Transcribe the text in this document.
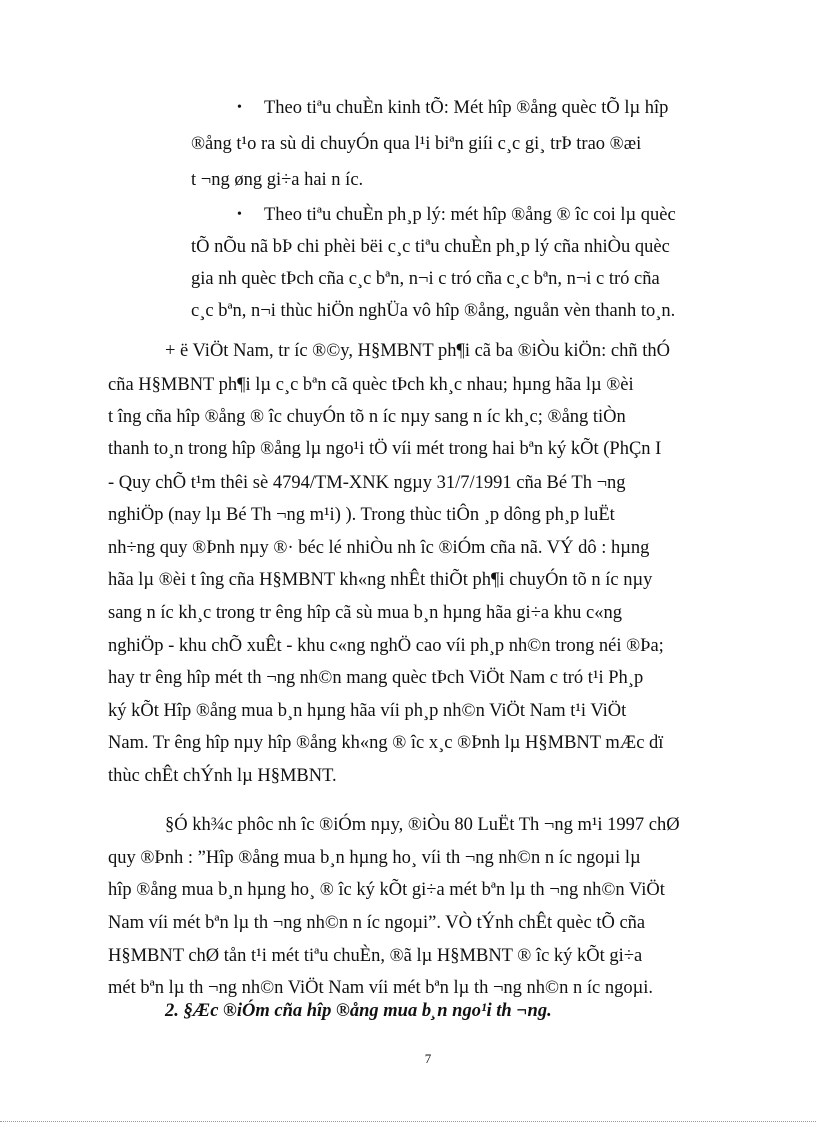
• Theo tiªu chuÈn kinh tÕ: Mét hîp ®ång quèc tÕ lµ hîp
®ång t¹o ra sù di chuyÓn qua l¹i biªn giíi c¸c gi¸ trÞ trao ®æi
t ¬ng øng gi÷a hai n íc.
• Theo tiªu chuÈn ph¸p lý: mét hîp ®ång ® îc coi lµ quèc
tÕ nÕu nã bÞ chi phèi bëi c¸c tiªu chuÈn ph¸p lý cña nhiÒu quèc
gia nh quèc tÞch cña c¸c bªn, n¬i c tró cña c¸c bªn, n¬i c tró cña
c¸c bªn, n¬i thùc hiÖn nghÜa vô hîp ®ång, nguån vèn thanh to¸n.
+ ë ViÖt Nam, tr íc ®©y, H§MBNT ph¶i cã ba ®iÒu kiÖn: chñ thÓ
cña H§MBNT ph¶i lµ c¸c bªn cã quèc tÞch kh¸c nhau; hµng hãa lµ ®èi
t îng cña hîp ®ång ® îc chuyÓn tõ n íc nµy sang n íc kh¸c; ®ång tiÒn
thanh to¸n trong hîp ®ång lµ ngo¹i tÖ víi mét trong hai bªn ký kÕt (PhÇn I
- Quy chÕ t¹m thêi sè 4794/TM-XNK ngµy 31/7/1991 cña Bé Th ¬ng
nghiÖp (nay lµ Bé Th ¬ng m¹i) ). Trong thùc tiÔn ¸p dông ph¸p luËt
nh÷ng quy ®Þnh nµy ®· béc lé nhiÒu nh îc ®iÓm cña nã. VÝ dô : hµng
hãa lµ ®èi t îng cña H§MBNT kh«ng nhÊt thiÕt ph¶i chuyÓn tõ n íc nµy
sang n íc kh¸c trong tr êng hîp cã sù mua b¸n hµng hãa gi÷a khu c«ng
nghiÖp - khu chÕ xuÊt - khu c«ng nghÖ cao víi ph¸p nh©n trong néi ®Þa;
hay tr êng hîp mét th ¬ng nh©n mang quèc tÞch ViÖt Nam c tró t¹i Ph¸p
ký kÕt Hîp ®ång mua b¸n hµng hãa víi ph¸p nh©n ViÖt Nam t¹i ViÖt
Nam. Tr êng hîp nµy hîp ®ång kh«ng ® îc x¸c ®Þnh lµ H§MBNT mÆc dï
thùc chÊt chÝnh lµ H§MBNT.
§Ó kh¾c phôc nh îc ®iÓm nµy, ®iÒu 80 LuËt Th ¬ng m¹i 1997 chØ
quy ®Þnh : ”Hîp ®ång mua b¸n hµng ho¸ víi th ¬ng nh©n n íc ngoµi lµ
hîp ®ång mua b¸n hµng ho¸ ® îc ký kÕt gi÷a mét bªn lµ th ¬ng nh©n ViÖt
Nam víi mét bªn lµ th ¬ng nh©n n íc ngoµi”. VÒ tÝnh chÊt quèc tÕ cña
H§MBNT chØ tån t¹i mét tiªu chuÈn, ®ã lµ H§MBNT ® îc ký kÕt gi÷a
mét bªn lµ th ¬ng nh©n ViÖt Nam víi mét bªn lµ th ¬ng nh©n n íc ngoµi.
2. §Æc ®iÓm cña hîp ®ång mua b¸n ngo¹i th ¬ng.
7
